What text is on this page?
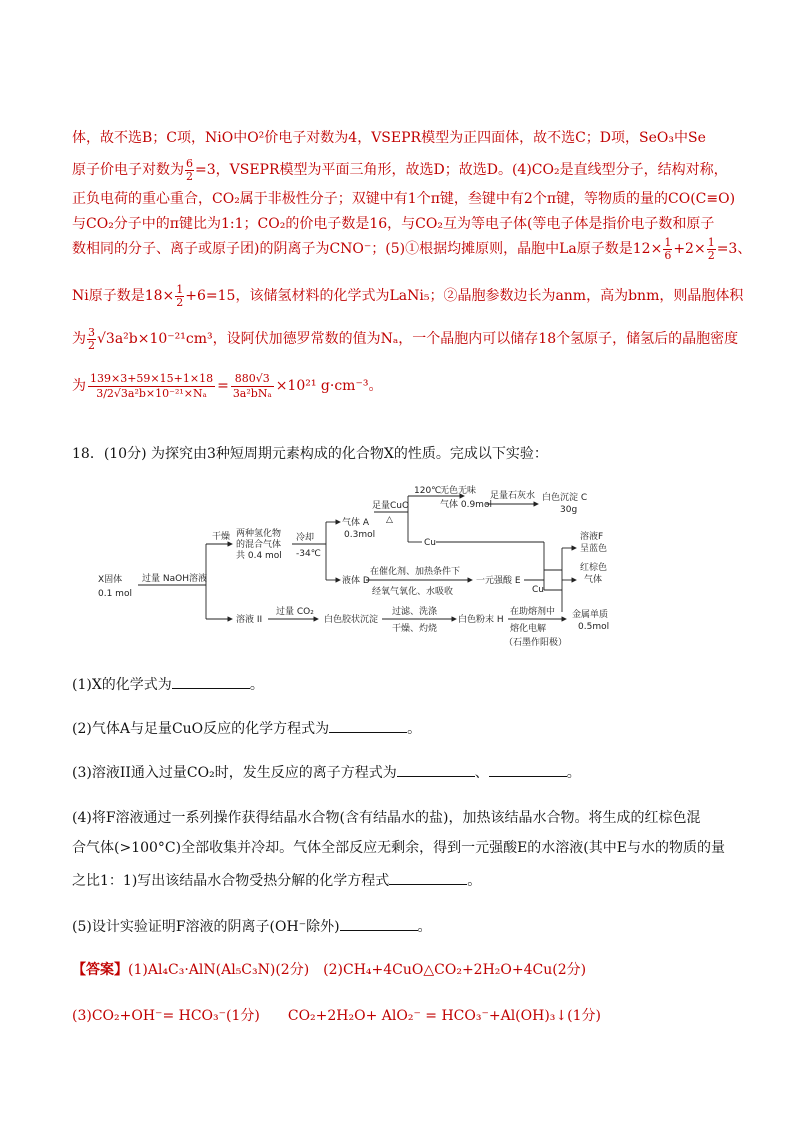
体，故不选B；C项，NiO中O²价电子对数为4，VSEPR模型为正四面体，故不选C；D项，SeO₃中Se
原子价电子对数为 $\frac{6}{2} =3$，VSEPR模型为平面三角形，故选D；故选D。(4)CO₂是直线型分子，结构对称，
正负电荷的重心重合，CO₂属于非极性分子；双键中有1个π键，叁键中有2个π键，等物质的量的CO(C≡O)
与CO₂分子中的π键比为1:1；CO₂的价电子数是16，与CO₂互为等电子体(等电子体是指价电子数和原子
数相同的分子、离子或原子团)的阴离子为CNO⁻；(5)①根据均摊原则，晶胞中La原子数是$12\times \frac{1}{6} +2\times \frac{1}{2} =3$、
Ni原子数是$18\times \frac{1}{2} +6=15$，该储氢材料的化学式为LaNi₅；②晶胞参数边长为anm，高为bnm，则晶胞体积
为 $\frac{3}{2} √3a^2b\times 10^{-21}cm^3$，设阿伏加德罗常数的值为Nₐ，一个晶胞内可以储存18个氢原子，储氢后的晶胞密度
为 $\frac{139\times 3+59\times 15+1\times 18}{\text{3/2√3a²b×10⁻²¹×Nₐ}} = \frac{880√3}{\text{3a²bNₐ}} \times 10^{21}$ g·cm⁻³。
18．(10分) 为探究由3种短周期元素构成的化合物X的性质。完成以下实验：
X固体
0.1 mol
过量 NaOH溶液
干燥 两种氢化物
的混合气体
共 0.4 mol
冷却
-34℃
气体 A
0.3mol
足量CuO
△
120℃
无色无味
气体 0.9mol
足量石灰水 白色沉淀 C
30g
Cu
液体 D
在催化剂、加热条件下
经氧气氧化、水吸收
一元强酸 E
Cu
溶液F
呈蓝色
红棕色
气体
溶液 II
过量 CO₂
白色胶状沉淀
过滤、洗涤
干燥、灼烧
白色粉末 H
在助熔剂中
熔化电解
（石墨作阳极）
金属单质
0.5mol
(1)X的化学式为	。
(2)气体A与足量CuO反应的化学方程式为	。
(3)溶液II通入过量CO₂时，发生反应的离子方程式为	、	。
(4)将F溶液通过一系列操作获得结晶水合物(含有结晶水的盐)，加热该结晶水合物。将生成的红棕色混
合气体(>100°C)全部收集并冷却。气体全部反应无剩余，得到一元强酸E的水溶液(其中E与水的物质的量
之比1：1)写出该结晶水合物受热分解的化学方程式	。
(5)设计实验证明F溶液的阴离子(OH⁻除外)	。
【答案】(1)Al₄C₃·AlN(Al₅C₃N)(2分)　(2)CH₄+4CuO△CO₂+2H₂O+4Cu(2分)
(3)CO₂+OH⁻= HCO₃⁻(1分)　　CO₂+2H₂O+ AlO₂⁻ = HCO₃⁻+Al(OH)₃↓(1分)
